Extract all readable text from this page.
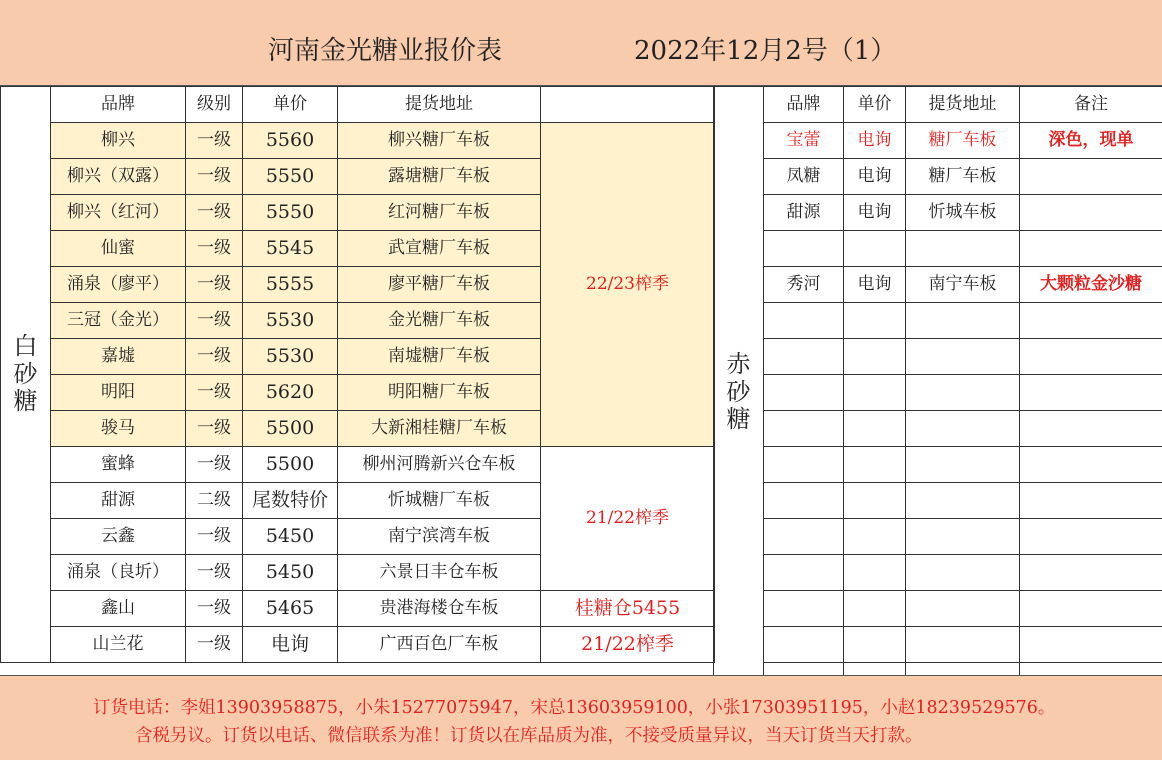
河南金光糖业报价表	2022年12月2号（1）
白
砂
糖	品牌	级别	单价	提货地址	
	柳兴	一级	5560	柳兴糖厂车板	22/23榨季
	柳兴（双露）	一级	5550	露塘糖厂车板	
	柳兴（红河）	一级	5550	红河糖厂车板	
	仙蜜	一级	5545	武宣糖厂车板	
	涌泉（廖平）	一级	5555	廖平糖厂车板	
	三冠（金光）	一级	5530	金光糖厂车板	
	嘉墟	一级	5530	南墟糖厂车板	
	明阳	一级	5620	明阳糖厂车板	
	骏马	一级	5500	大新湘桂糖厂车板	
	蜜蜂	一级	5500	柳州河腾新兴仓车板	21/22榨季
	甜源	二级	尾数特价	忻城糖厂车板	
	云鑫	一级	5450	南宁滨湾车板	
	涌泉（良圻）	一级	5450	六景日丰仓车板	
	鑫山	一级	5465	贵港海楼仓车板	桂糖仓5455
	山兰花	一级	电询	广西百色厂车板	21/22榨季
赤
砂
糖	品牌	单价	提货地址	备注
	宝蕾	电询	糖厂车板	深色，现单
	凤糖	电询	糖厂车板	
	甜源	电询	忻城车板	

	秀河	电询	南宁车板	大颗粒金沙糖

订货电话：李姐13903958875，小朱15277075947，宋总13603959100，小张17303951195，小赵18239529576。
含税另议。订货以电话、微信联系为准！订货以在库品质为准，不接受质量异议，当天订货当天打款。
